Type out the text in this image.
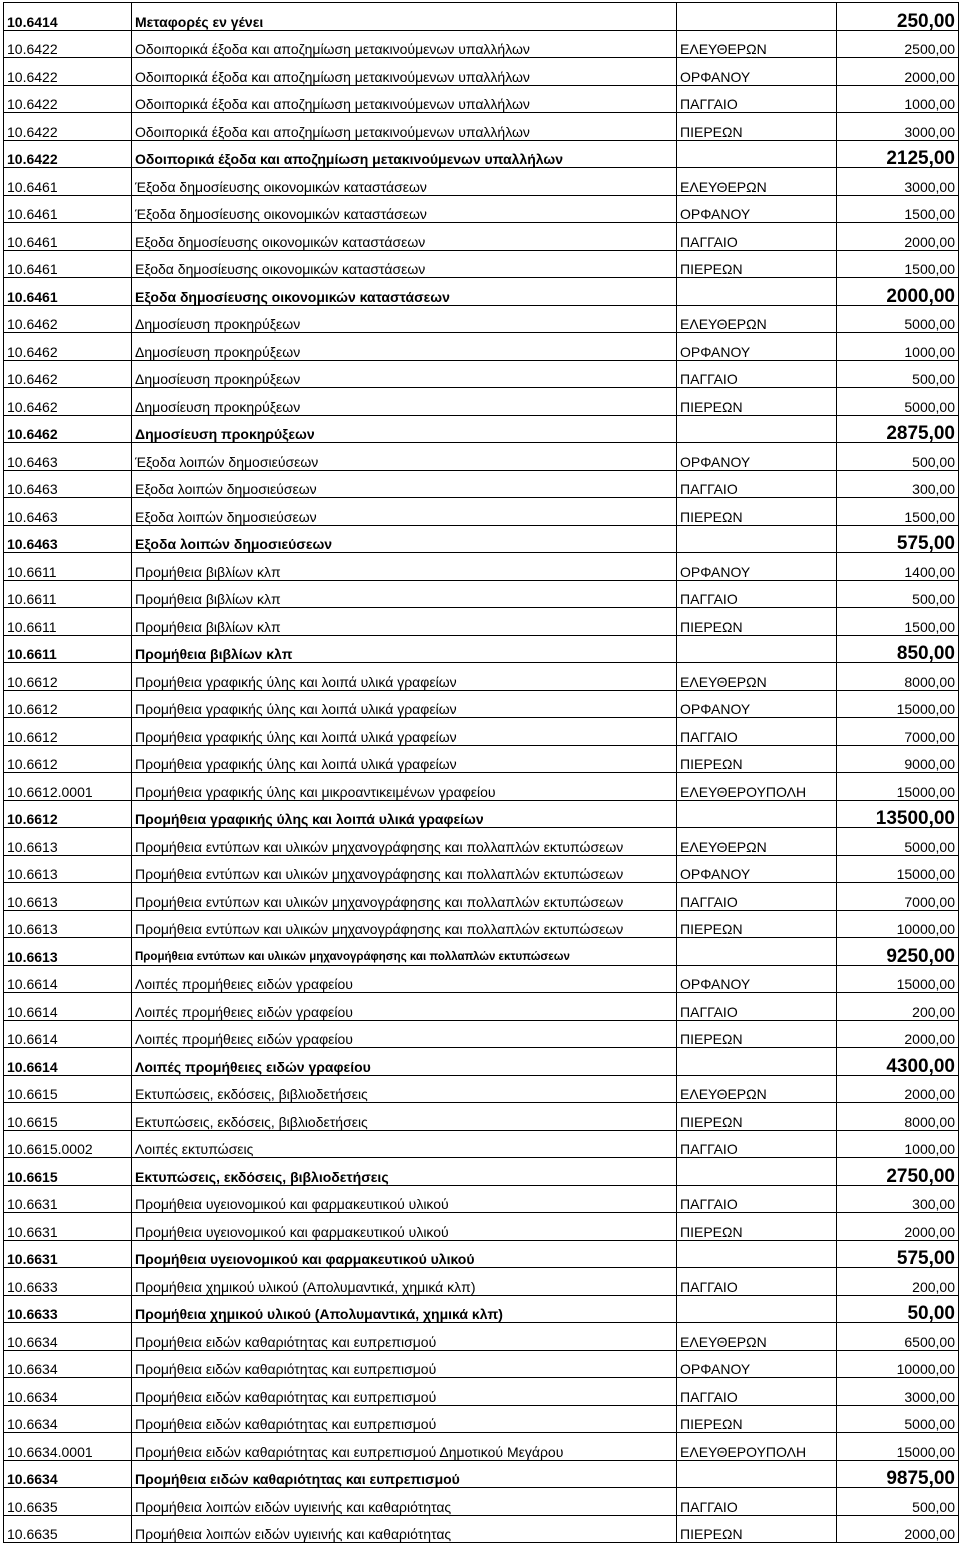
10.6414	Μεταφορές εν γένει		250,00
10.6422	Οδοιπορικά έξοδα και αποζημίωση μετακινούμενων υπαλλήλων	ΕΛΕΥΘΕΡΩΝ	2500,00
10.6422	Οδοιπορικά έξοδα και αποζημίωση μετακινούμενων υπαλλήλων	ΟΡΦΑΝΟΥ	2000,00
10.6422	Οδοιπορικά έξοδα και αποζημίωση μετακινούμενων υπαλλήλων	ΠΑΓΓΑΙΟ	1000,00
10.6422	Οδοιπορικά έξοδα και αποζημίωση μετακινούμενων υπαλλήλων	ΠΙΕΡΕΩΝ	3000,00
10.6422	Οδοιπορικά έξοδα και αποζημίωση μετακινούμενων υπαλλήλων		2125,00
10.6461	Έξοδα δημοσίευσης οικονομικών καταστάσεων	ΕΛΕΥΘΕΡΩΝ	3000,00
10.6461	Έξοδα δημοσίευσης οικονομικών καταστάσεων	ΟΡΦΑΝΟΥ	1500,00
10.6461	Εξοδα δημοσίευσης οικονομικών καταστάσεων	ΠΑΓΓΑΙΟ	2000,00
10.6461	Εξοδα δημοσίευσης οικονομικών καταστάσεων	ΠΙΕΡΕΩΝ	1500,00
10.6461	Εξοδα δημοσίευσης οικονομικών καταστάσεων		2000,00
10.6462	Δημοσίευση προκηρύξεων	ΕΛΕΥΘΕΡΩΝ	5000,00
10.6462	Δημοσίευση προκηρύξεων	ΟΡΦΑΝΟΥ	1000,00
10.6462	Δημοσίευση προκηρύξεων	ΠΑΓΓΑΙΟ	500,00
10.6462	Δημοσίευση προκηρύξεων	ΠΙΕΡΕΩΝ	5000,00
10.6462	Δημοσίευση προκηρύξεων		2875,00
10.6463	Έξοδα λοιπών δημοσιεύσεων	ΟΡΦΑΝΟΥ	500,00
10.6463	Εξοδα λοιπών δημοσιεύσεων	ΠΑΓΓΑΙΟ	300,00
10.6463	Εξοδα λοιπών δημοσιεύσεων	ΠΙΕΡΕΩΝ	1500,00
10.6463	Εξοδα λοιπών δημοσιεύσεων		575,00
10.6611	Προμήθεια βιβλίων κλπ	ΟΡΦΑΝΟΥ	1400,00
10.6611	Προμήθεια βιβλίων κλπ	ΠΑΓΓΑΙΟ	500,00
10.6611	Προμήθεια βιβλίων κλπ	ΠΙΕΡΕΩΝ	1500,00
10.6611	Προμήθεια βιβλίων κλπ		850,00
10.6612	Προμήθεια γραφικής ύλης και λοιπά υλικά γραφείων	ΕΛΕΥΘΕΡΩΝ	8000,00
10.6612	Προμήθεια γραφικής ύλης και λοιπά υλικά γραφείων	ΟΡΦΑΝΟΥ	15000,00
10.6612	Προμήθεια γραφικής ύλης και λοιπά υλικά γραφείων	ΠΑΓΓΑΙΟ	7000,00
10.6612	Προμήθεια γραφικής ύλης και λοιπά υλικά γραφείων	ΠΙΕΡΕΩΝ	9000,00
10.6612.0001	Προμήθεια γραφικής ύλης και μικροαντικειμένων γραφείου	ΕΛΕΥΘΕΡΟΥΠΟΛΗ	15000,00
10.6612	Προμήθεια γραφικής ύλης και λοιπά υλικά γραφείων		13500,00
10.6613	Προμήθεια εντύπων και υλικών μηχανογράφησης και πολλαπλών εκτυπώσεων	ΕΛΕΥΘΕΡΩΝ	5000,00
10.6613	Προμήθεια εντύπων και υλικών μηχανογράφησης και πολλαπλών εκτυπώσεων	ΟΡΦΑΝΟΥ	15000,00
10.6613	Προμήθεια εντύπων και υλικών μηχανογράφησης και πολλαπλών εκτυπώσεων	ΠΑΓΓΑΙΟ	7000,00
10.6613	Προμήθεια εντύπων και υλικών μηχανογράφησης και πολλαπλών εκτυπώσεων	ΠΙΕΡΕΩΝ	10000,00
10.6613	Προμήθεια εντύπων και υλικών μηχανογράφησης και πολλαπλών εκτυπώσεων		9250,00
10.6614	Λοιπές προμήθειες ειδών γραφείου	ΟΡΦΑΝΟΥ	15000,00
10.6614	Λοιπές προμήθειες ειδών γραφείου	ΠΑΓΓΑΙΟ	200,00
10.6614	Λοιπές προμήθειες ειδών γραφείου	ΠΙΕΡΕΩΝ	2000,00
10.6614	Λοιπές προμήθειες ειδών γραφείου		4300,00
10.6615	Εκτυπώσεις, εκδόσεις, βιβλιοδετήσεις	ΕΛΕΥΘΕΡΩΝ	2000,00
10.6615	Εκτυπώσεις, εκδόσεις, βιβλιοδετήσεις	ΠΙΕΡΕΩΝ	8000,00
10.6615.0002	Λοιπές εκτυπώσεις	ΠΑΓΓΑΙΟ	1000,00
10.6615	Εκτυπώσεις, εκδόσεις, βιβλιοδετήσεις		2750,00
10.6631	Προμήθεια υγειονομικού και φαρμακευτικού υλικού	ΠΑΓΓΑΙΟ	300,00
10.6631	Προμήθεια υγειονομικού και φαρμακευτικού υλικού	ΠΙΕΡΕΩΝ	2000,00
10.6631	Προμήθεια υγειονομικού και φαρμακευτικού υλικού		575,00
10.6633	Προμήθεια χημικού υλικού (Απολυμαντικά, χημικά κλπ)	ΠΑΓΓΑΙΟ	200,00
10.6633	Προμήθεια χημικού υλικού (Απολυμαντικά, χημικά κλπ)		50,00
10.6634	Προμήθεια ειδών καθαριότητας και ευπρεπισμού	ΕΛΕΥΘΕΡΩΝ	6500,00
10.6634	Προμήθεια ειδών καθαριότητας και ευπρεπισμού	ΟΡΦΑΝΟΥ	10000,00
10.6634	Προμήθεια ειδών καθαριότητας και ευπρεπισμού	ΠΑΓΓΑΙΟ	3000,00
10.6634	Προμήθεια ειδών καθαριότητας και ευπρεπισμού	ΠΙΕΡΕΩΝ	5000,00
10.6634.0001	Προμήθεια ειδών καθαριότητας και ευπρεπισμού Δημοτικού Μεγάρου	ΕΛΕΥΘΕΡΟΥΠΟΛΗ	15000,00
10.6634	Προμήθεια ειδών καθαριότητας και ευπρεπισμού		9875,00
10.6635	Προμήθεια λοιπών ειδών υγιεινής και καθαριότητας	ΠΑΓΓΑΙΟ	500,00
10.6635	Προμήθεια λοιπών ειδών υγιεινής και καθαριότητας	ΠΙΕΡΕΩΝ	2000,00
